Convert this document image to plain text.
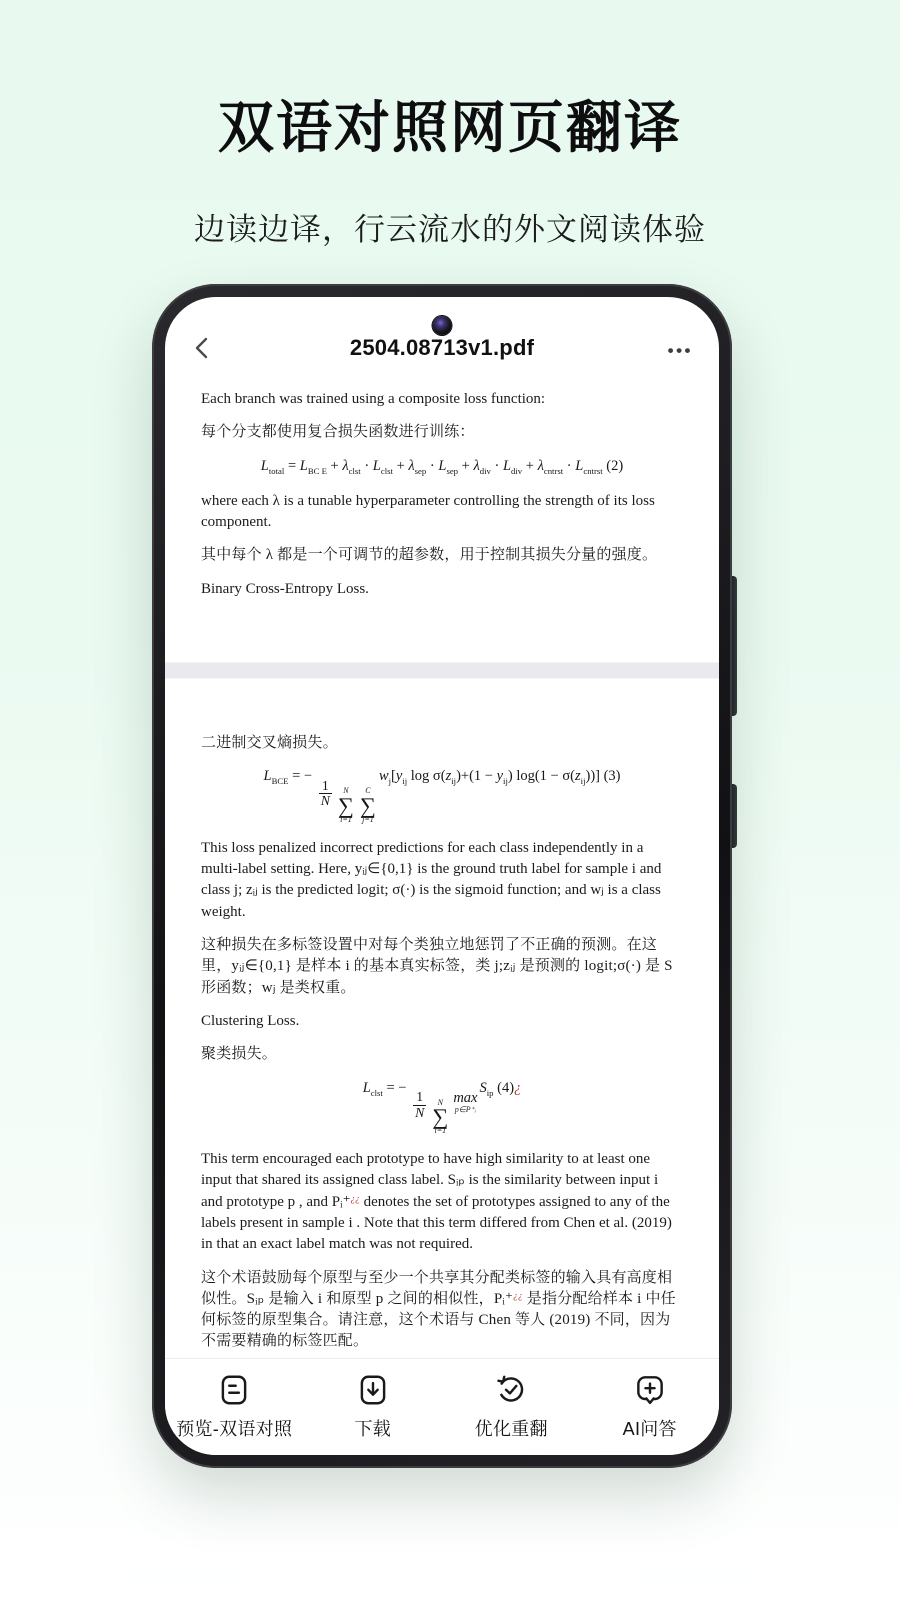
双语对照网页翻译
边读边译，行云流水的外文阅读体验
2504.08713v1.pdf	•••

Each branch was trained using a composite loss function:

每个分支都使用复合损失函数进行训练：

$L_{total} = L_{BC E} + \lambda_{clst} \cdot L_{clst} + \lambda_{sep} \cdot L_{sep} + \lambda_{div} \cdot L_{div} + \lambda_{cntrst} \cdot L_{cntrst}$ (2)

where each λ is a tunable hyperparameter controlling the strength of its loss component.

其中每个 λ 都是一个可调节的超参数，用于控制其损失分量的强度。

Binary Cross-Entropy Loss.

二进制交叉熵损失。

$L_{BCE}$ = −
$\frac{1}{N}$ N
∑
i=1
C
∑
j=1
$w_j[y_{ij}$ $\log \sigma(z_{ij})+(1 - y_{ij}) \log(1 - \sigma(z_{ij}))$] (3)

This loss penalized incorrect predictions for each class independently in a multi-label setting. Here, yᵢⱼ∈{0,1} is the ground truth label for sample i and class j; zᵢⱼ is the predicted logit; σ(·) is the sigmoid function; and wⱼ is a class weight.

这种损失在多标签设置中对每个类独立地惩罚了不正确的预测。在这里，yᵢⱼ∈{0,1} 是样本 i 的基本真实标签，类 j;zᵢⱼ 是预测的 logit;σ(·) 是 S 形函数；wⱼ 是类权重。

Clustering Loss.

聚类损失。

$L_{clst}$ = −
$\frac{1}{N}$ N
∑
i=1
max
p∈P⁺ᵢ
$S_{ip}$ (4)¿

This term encouraged each prototype to have high similarity to at least one input that shared its assigned class label. Sᵢₚ is the similarity between input i and prototype p , and Pᵢ⁺¿¿ denotes the set of prototypes assigned to any of the labels present in sample i . Note that this term differed from Chen et al. (2019) in that an exact label match was not required.

这个术语鼓励每个原型与至少一个共享其分配类标签的输入具有高度相似性。Sᵢₚ 是输入 i 和原型 p 之间的相似性，Pᵢ⁺¿¿ 是指分配给样本 i 中任何标签的原型集合。请注意，这个术语与 Chen 等人 (2019) 不同，因为不需要精确的标签匹配。

预览-双语对照	下载	优化重翻	AI问答
